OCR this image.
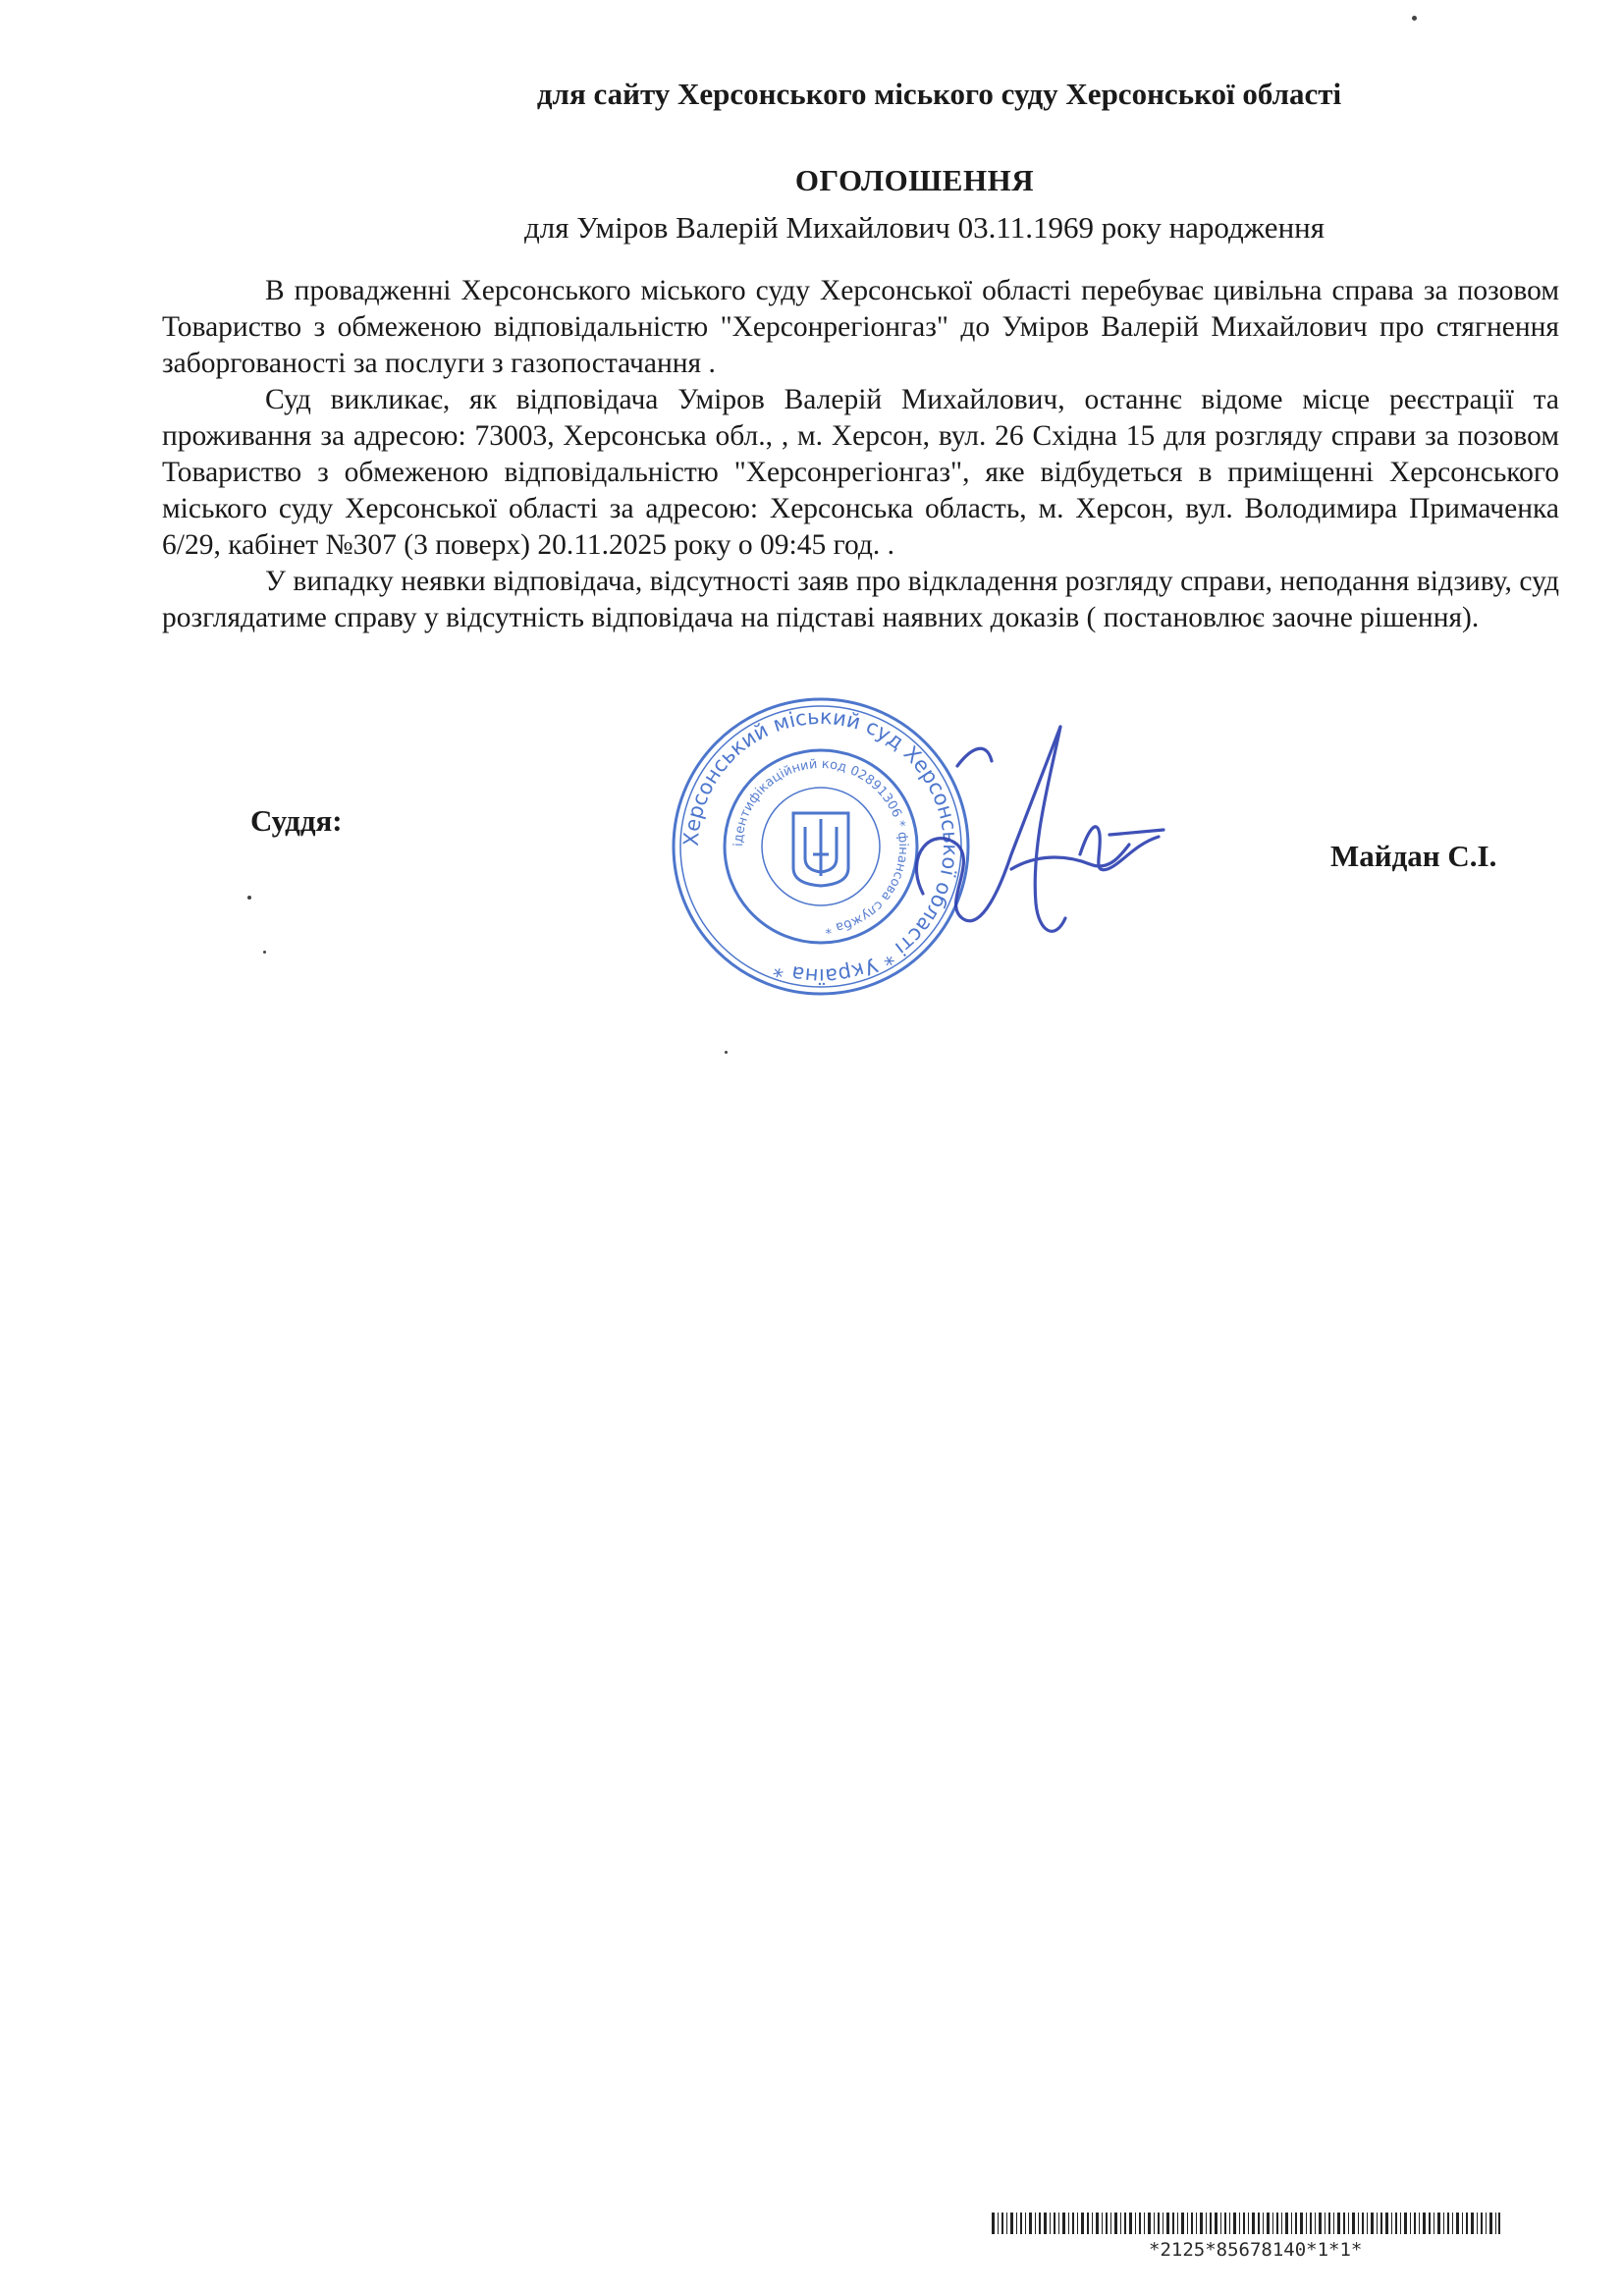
для сайту Херсонського міського суду Херсонської області
ОГОЛОШЕННЯ
для Уміров Валерій Михайлович 03.11.1969 року народження

В провадженні Херсонського міського суду Херсонської області перебуває цивільна справа за позовом Товариство з обмеженою відповідальністю "Херсонрегіонгаз" до Уміров Валерій Михайлович про стягнення заборгованості за послуги з газопостачання .

Суд викликає, як відповідача Уміров Валерій Михайлович, останнє відоме місце реєстрації та проживання за адресою: 73003, Херсонська обл., , м. Херсон, вул. 26 Східна 15 для розгляду справи за позовом Товариство з обмеженою відповідальністю "Херсонрегіонгаз", яке відбудеться в приміщенні Херсонського міського суду Херсонської області за адресою: Херсонська область, м. Херсон, вул. Володимира Примаченка 6/29, кабінет №307 (3 поверх) 20.11.2025 року о 09:45 год. .

У випадку неявки відповідача, відсутності заяв про відкладення розгляду справи, неподання відзиву, суд розглядатиме справу у відсутність відповідача на підставі наявних доказів ( постановлює заочне рішення).

Херсонський міський суд Херсонської області * Україна *
ідентифікаційний код 02891306 * фінансова служба *
Суддя:
Майдан С.І.
*2125*85678140*1*1*
